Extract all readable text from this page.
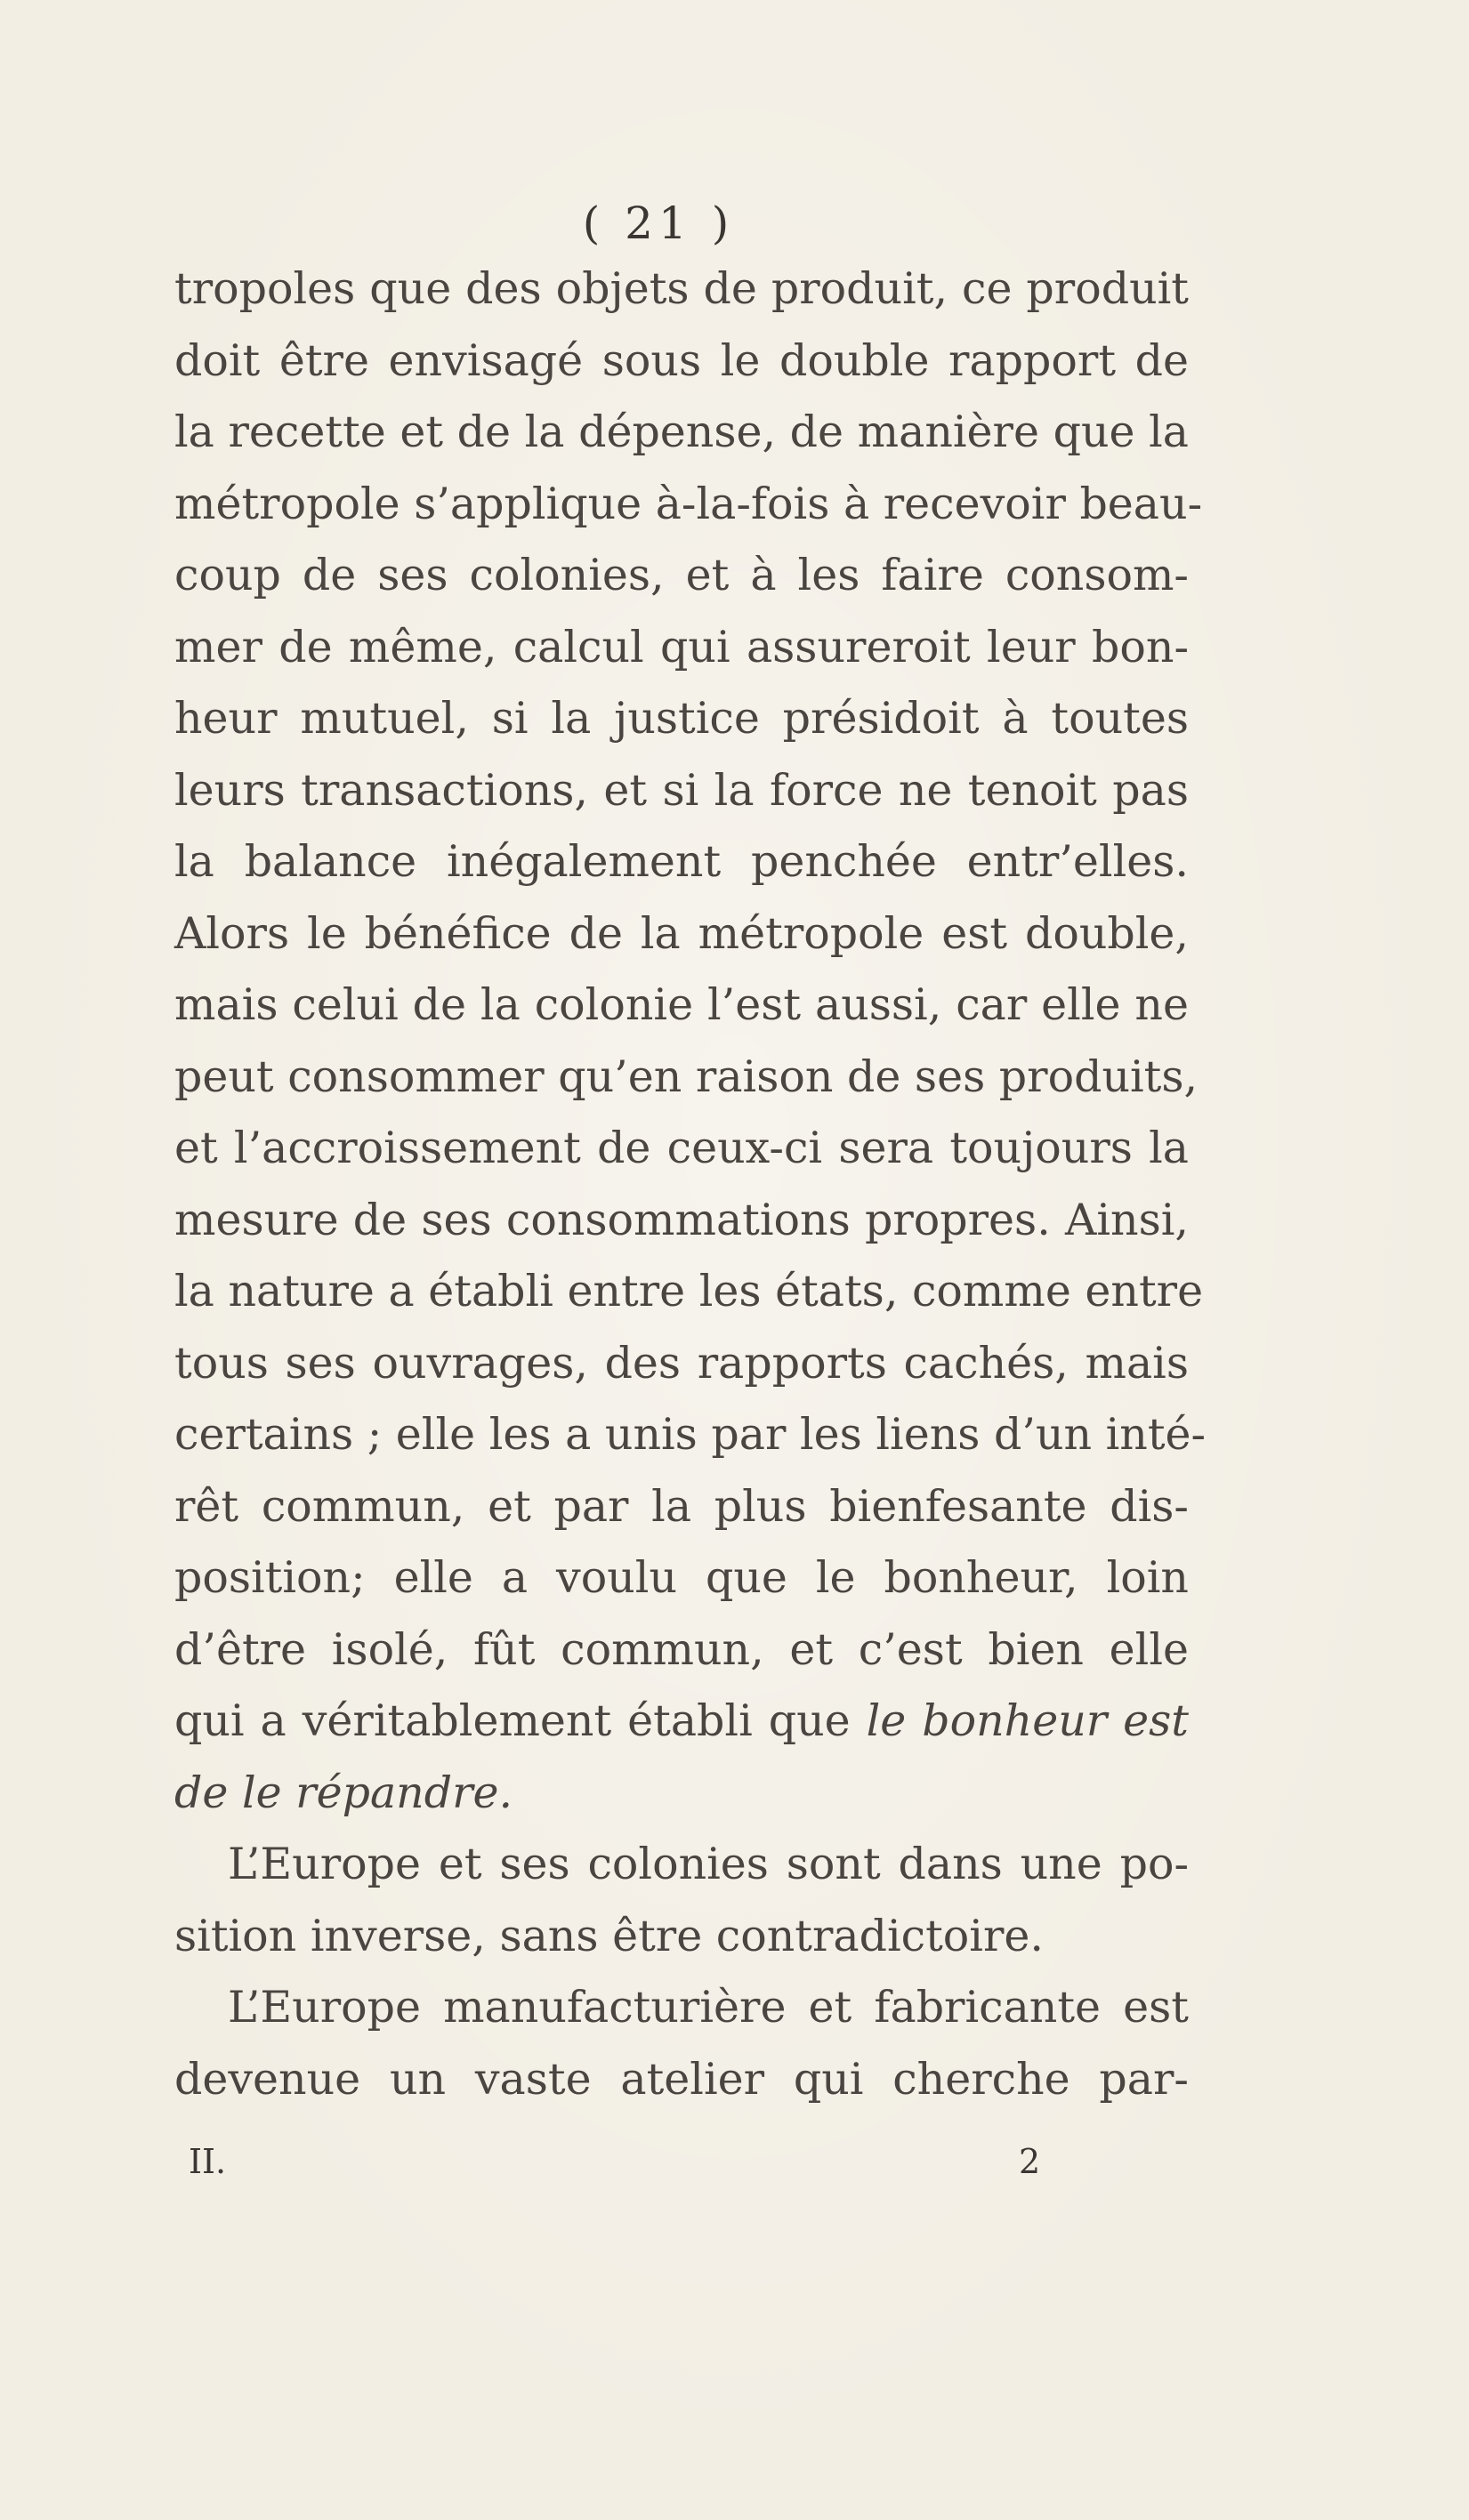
( 21 )
tropoles que des objets de produit, ce produit
doit être envisagé sous le double rapport de
la recette et de la dépense, de manière que la
métropole s’applique à-la-fois à recevoir beau-
coup de ses colonies, et à les faire consom-
mer de même, calcul qui assureroit leur bon-
heur mutuel, si la justice présidoit à toutes
leurs transactions, et si la force ne tenoit pas
la balance inégalement penchée entr’elles.
Alors le bénéfice de la métropole est double,
mais celui de la colonie l’est aussi, car elle ne
peut consommer qu’en raison de ses produits,
et l’accroissement de ceux-ci sera toujours la
mesure de ses consommations propres. Ainsi,
la nature a établi entre les états, comme entre
tous ses ouvrages, des rapports cachés, mais
certains ; elle les a unis par les liens d’un inté-
rêt commun, et par la plus bienfesante dis-
position; elle a voulu que le bonheur, loin
d’être isolé, fût commun, et c’est bien elle
qui a véritablement établi que le bonheur est
de le répandre.
L’Europe et ses colonies sont dans une po-
sition inverse, sans être contradictoire.
L’Europe manufacturière et fabricante est
devenue un vaste atelier qui cherche par-
II.	2
